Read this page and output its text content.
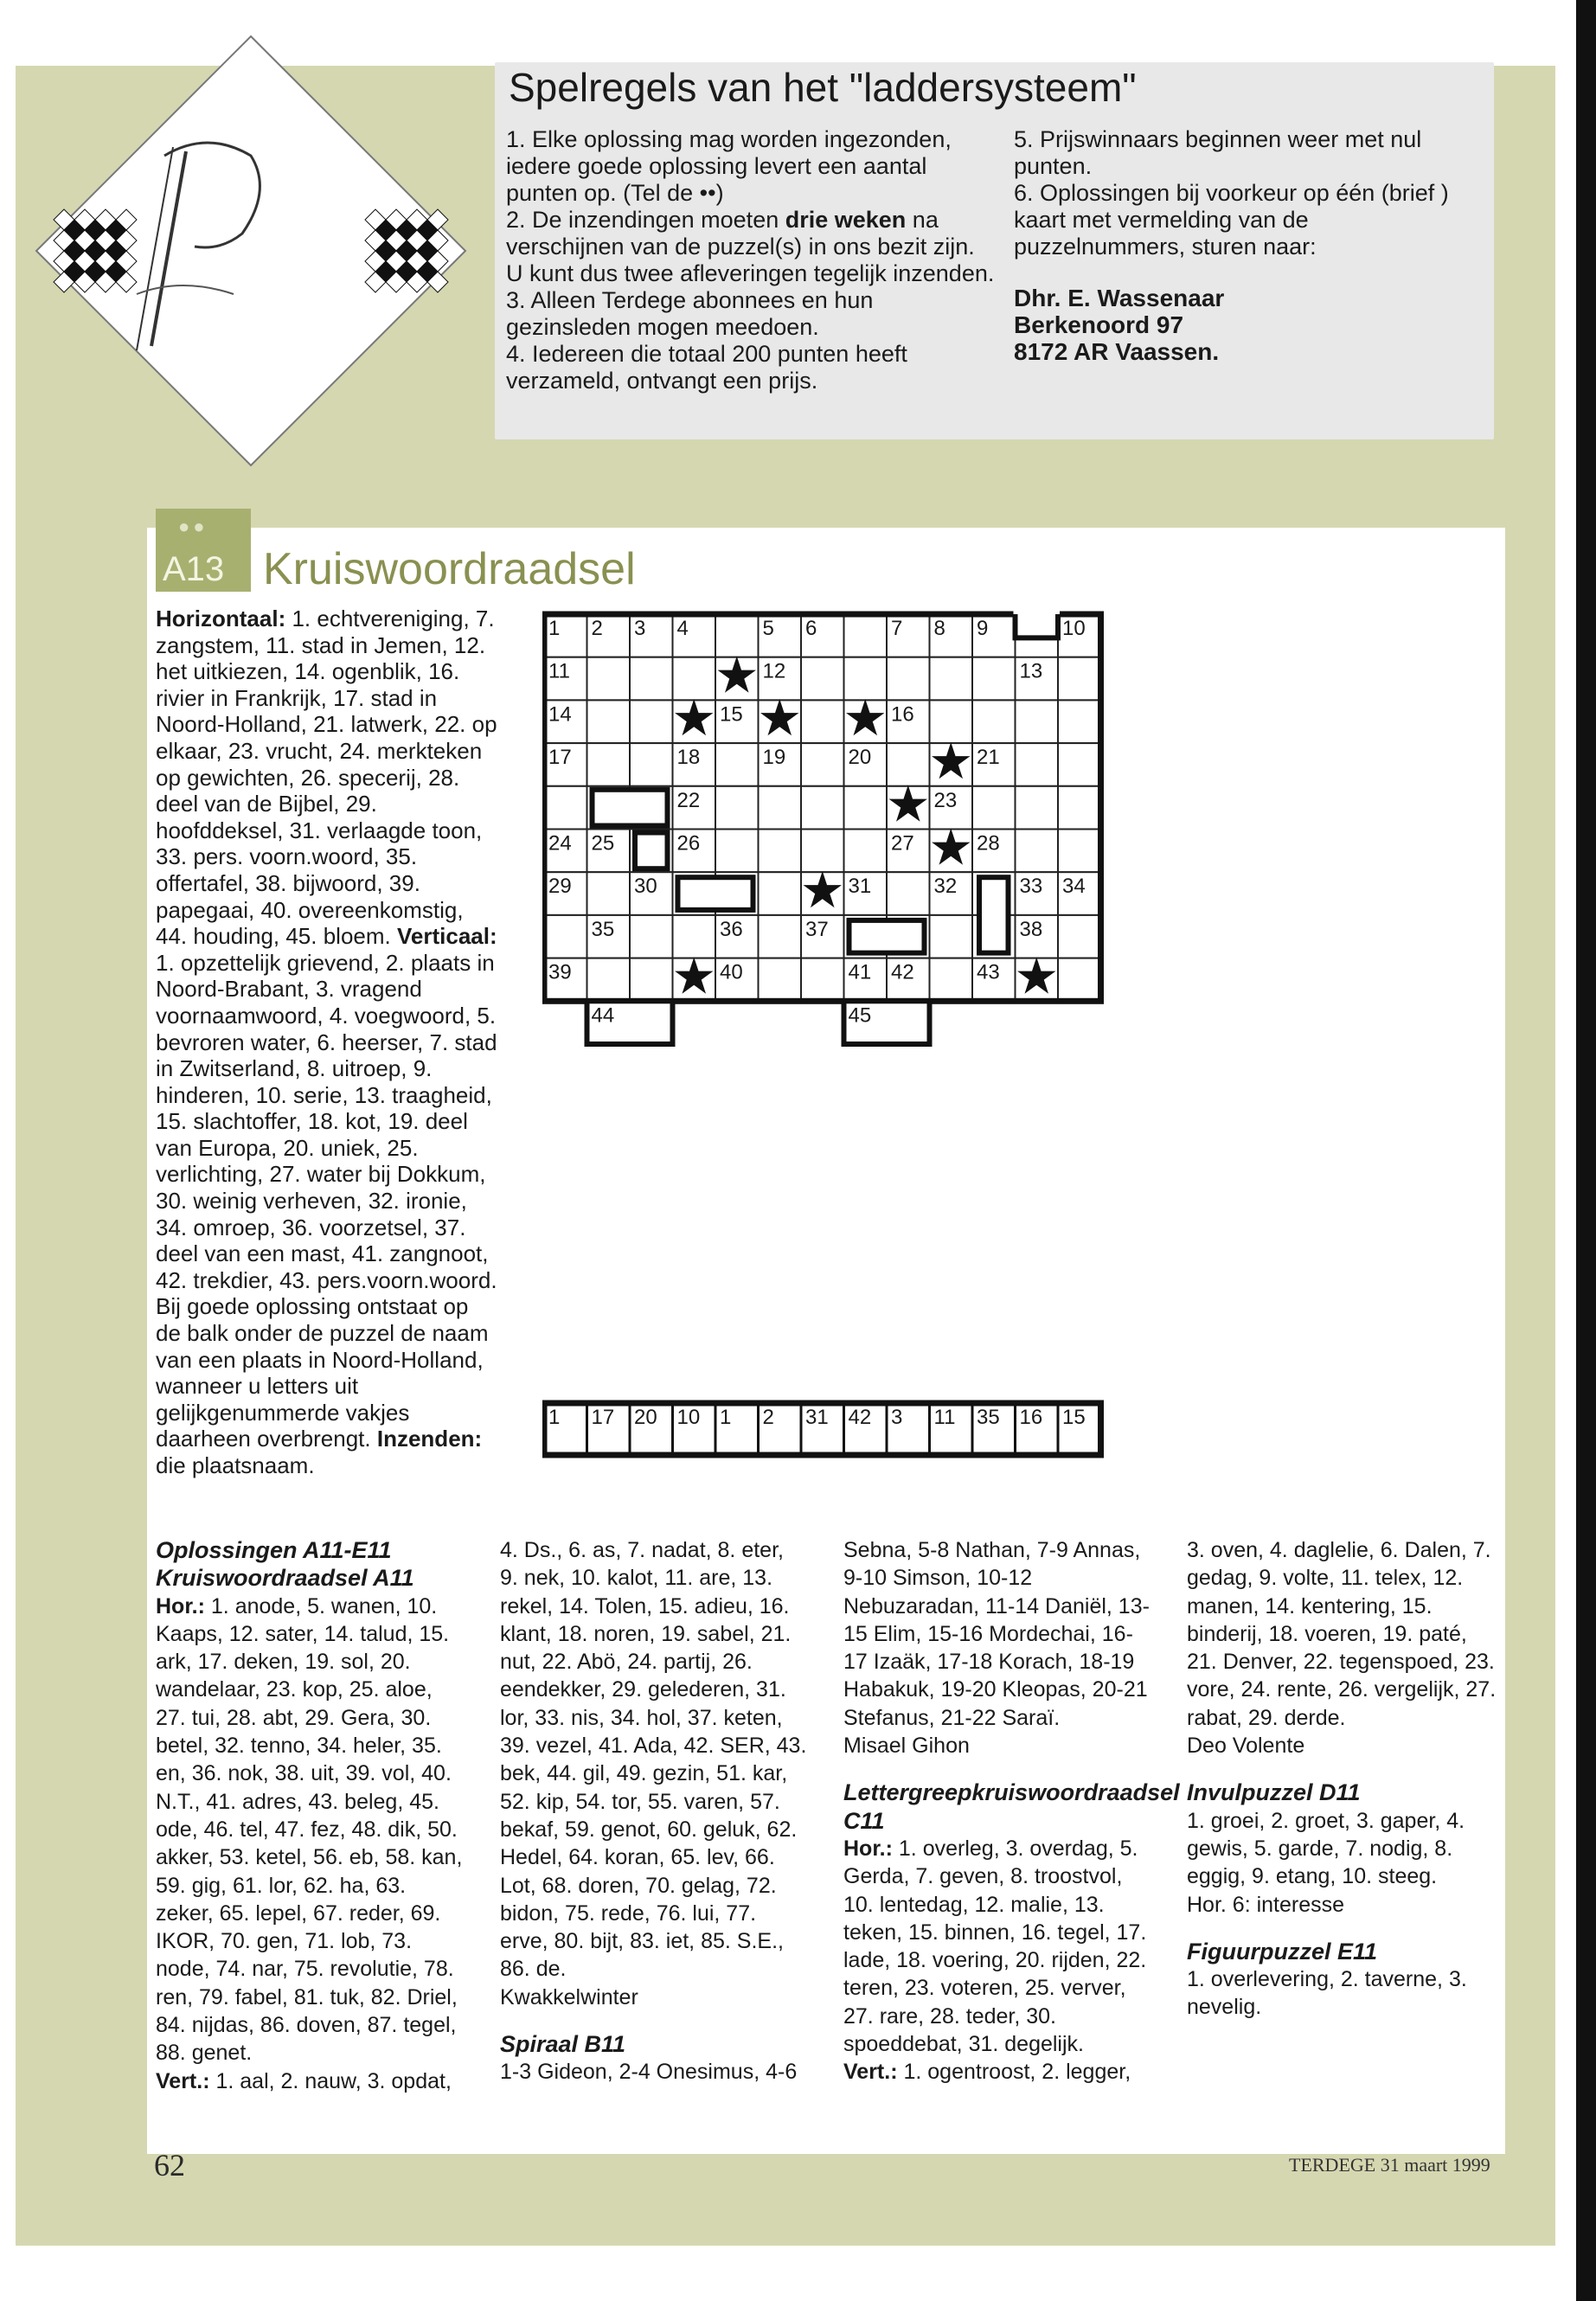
Spelregels van het "laddersysteem"

1. Elke oplossing mag worden ingezonden, iedere goede oplossing levert een aantal punten op. (Tel de ••)

2. De inzendingen moeten drie weken na verschijnen van de puzzel(s) in ons bezit zijn. U kunt dus twee afleveringen tegelijk inzenden.

3. Alleen Terdege abonnees en hun gezinsleden mogen meedoen.

4. Iedereen die totaal 200 punten heeft verzameld, ontvangt een prijs.

5. Prijswinnaars beginnen weer met nul punten.

6. Oplossingen bij voorkeur op één (brief ) kaart met vermelding van de puzzelnummers, sturen naar:

Dhr. E. Wassenaar

Berkenoord 97

8172 AR Vaassen.

●●
A13 Kruiswoordraadsel
Horizontaal: 1. echtvereniging, 7. zangstem, 11. stad in Jemen, 12. het uitkiezen, 14. ogenblik, 16. rivier in Frankrijk, 17. stad in Noord-Holland, 21. latwerk, 22. op elkaar, 23. vrucht, 24. merkteken op gewichten, 26. specerij, 28. deel van de Bijbel, 29. hoofddeksel, 31. verlaagde toon, 33. pers. voorn.woord, 35. offertafel, 38. bijwoord, 39. papegaai, 40. overeenkomstig, 44. houding, 45. bloem. Verticaal: 1. opzettelijk grievend, 2. plaats in Noord-Brabant, 3. vragend voornaamwoord, 4. voegwoord, 5. bevroren water, 6. heerser, 7. stad in Zwitserland, 8. uitroep, 9. hinderen, 10. serie, 13. traagheid, 15. slachtoffer, 18. kot, 19. deel van Europa, 20. uniek, 25. verlichting, 27. water bij Dokkum, 30. weinig verheven, 32. ironie, 34. omroep, 36. voorzetsel, 37. deel van een mast, 41. zangnoot, 42. trekdier, 43. pers.voorn.woord. Bij goede oplossing ontstaat op de balk onder de puzzel de naam van een plaats in Noord-Holland, wanneer u letters uit gelijkgenummerde vakjes daarheen overbrengt. Inzenden: die plaatsnaam.
1 2 3 4	5 6	7 8 9	10
11	12	13
14	15	16
17	18	19	20	21
22	23
24 25	26	27	28
29	30	31	32	33 34
35	36	37	38
39	40	41 42	43
44	45
★
★ ★ ★
★
★
★
★
★	★
1 17 20 10 1 2 31 42 3 11 35 16 15

Oplossingen A11-E11

Kruiswoordraadsel A11

Hor.: 1. anode, 5. wanen, 10. Kaaps, 12. sater, 14. talud, 15. ark, 17. deken, 19. sol, 20. wandelaar, 23. kop, 25. aloe, 27. tui, 28. abt, 29. Gera, 30. betel, 32. tenno, 34. heler, 35. en, 36. nok, 38. uit, 39. vol, 40. N.T., 41. adres, 43. beleg, 45. ode, 46. tel, 47. fez, 48. dik, 50. akker, 53. ketel, 56. eb, 58. kan, 59. gig, 61. lor, 62. ha, 63. zeker, 65. lepel, 67. reder, 69. IKOR, 70. gen, 71. lob, 73. node, 74. nar, 75. revolutie, 78. ren, 79. fabel, 81. tuk, 82. Driel, 84. nijdas, 86. doven, 87. tegel, 88. genet.

Vert.: 1. aal, 2. nauw, 3. opdat,

4. Ds., 6. as, 7. nadat, 8. eter, 9. nek, 10. kalot, 11. are, 13. rekel, 14. Tolen, 15. adieu, 16. klant, 18. noren, 19. sabel, 21. nut, 22. Abö, 24. partij, 26. eendekker, 29. gelederen, 31. lor, 33. nis, 34. hol, 37. keten, 39. vezel, 41. Ada, 42. SER, 43. bek, 44. gil, 49. gezin, 51. kar, 52. kip, 54. tor, 55. varen, 57. bekaf, 59. genot, 60. geluk, 62. Hedel, 64. koran, 65. lev, 66. Lot, 68. doren, 70. gelag, 72. bidon, 75. rede, 76. lui, 77. erve, 80. bijt, 83. iet, 85. S.E., 86. de.

Kwakkelwinter

Spiraal B11

1-3 Gideon, 2-4 Onesimus, 4-6

Sebna, 5-8 Nathan, 7-9 Annas, 9-10 Simson, 10-12 Nebuzaradan, 11-14 Daniël, 13-15 Elim, 15-16 Mordechai, 16-17 Izaäk, 17-18 Korach, 18-19 Habakuk, 19-20 Kleopas, 20-21 Stefanus, 21-22 Saraï.

Misael Gihon

Lettergreepkruiswoordraadsel C11

Hor.: 1. overleg, 3. overdag, 5. Gerda, 7. geven, 8. troostvol, 10. lentedag, 12. malie, 13. teken, 15. binnen, 16. tegel, 17. lade, 18. voering, 20. rijden, 22. teren, 23. voteren, 25. verver, 27. rare, 28. teder, 30. spoeddebat, 31. degelijk.

Vert.: 1. ogentroost, 2. legger,

3. oven, 4. daglelie, 6. Dalen, 7. gedag, 9. volte, 11. telex, 12. manen, 14. kentering, 15. binderij, 18. voeren, 19. paté, 21. Denver, 22. tegenspoed, 23. vore, 24. rente, 26. vergelijk, 27. rabat, 29. derde.

Deo Volente

Invulpuzzel D11

1. groei, 2. groet, 3. gaper, 4. gewis, 5. garde, 7. nodig, 8. eggig, 9. etang, 10. steeg.

Hor. 6: interesse

Figuurpuzzel E11

1. overlevering, 2. taverne, 3. nevelig.

62	TERDEGE 31 maart 1999
